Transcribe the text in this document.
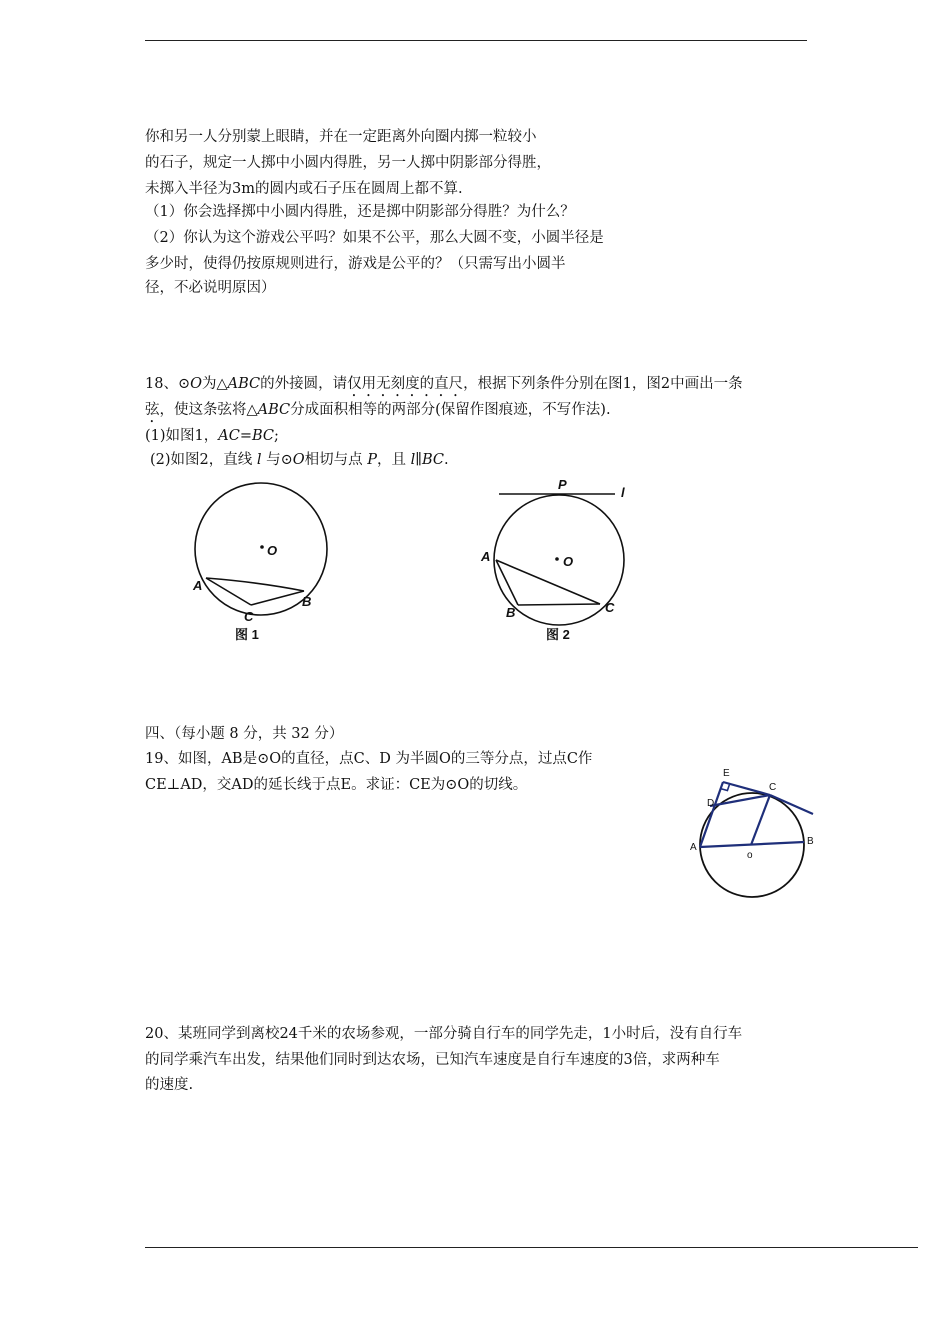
你和另一人分别蒙上眼睛，并在一定距离外向圈内掷一粒较小
的石子，规定一人掷中小圆内得胜，另一人掷中阴影部分得胜，
未掷入半径为3m的圆内或石子压在圆周上都不算.
（1）你会选择掷中小圆内得胜，还是掷中阴影部分得胜？为什么？
（2）你认为这个游戏公平吗？如果不公平，那么大圆不变，小圆半径是
多少时，使得仍按原规则进行，游戏是公平的？（只需写出小圆半
径，不必说明原因）
18、⊙O为△ABC的外接圆，请仅用无刻度的直尺，根据下列条件分别在图1，图2中画出一条
弦，使这条弦将△ABC分成面积相等的两部分(保留作图痕迹，不写作法).
(1)如图1，AC=BC;
(2)如图2，直线 l 与⊙O相切与点 P，且 l∥BC.
O
A
B
C
图 1
P
l
O
A
B	C
图 2
四、（每小题 8 分，共 32 分）
19、如图，AB是⊙O的直径，点C、D 为半圆O的三等分点，过点C作
CE⊥AD，交AD的延长线于点E。求证：CE为⊙O的切线。
E
C
D
A
B
o
20、某班同学到离校24千米的农场参观，一部分骑自行车的同学先走，1小时后，没有自行车
的同学乘汽车出发，结果他们同时到达农场，已知汽车速度是自行车速度的3倍，求两种车
的速度.
